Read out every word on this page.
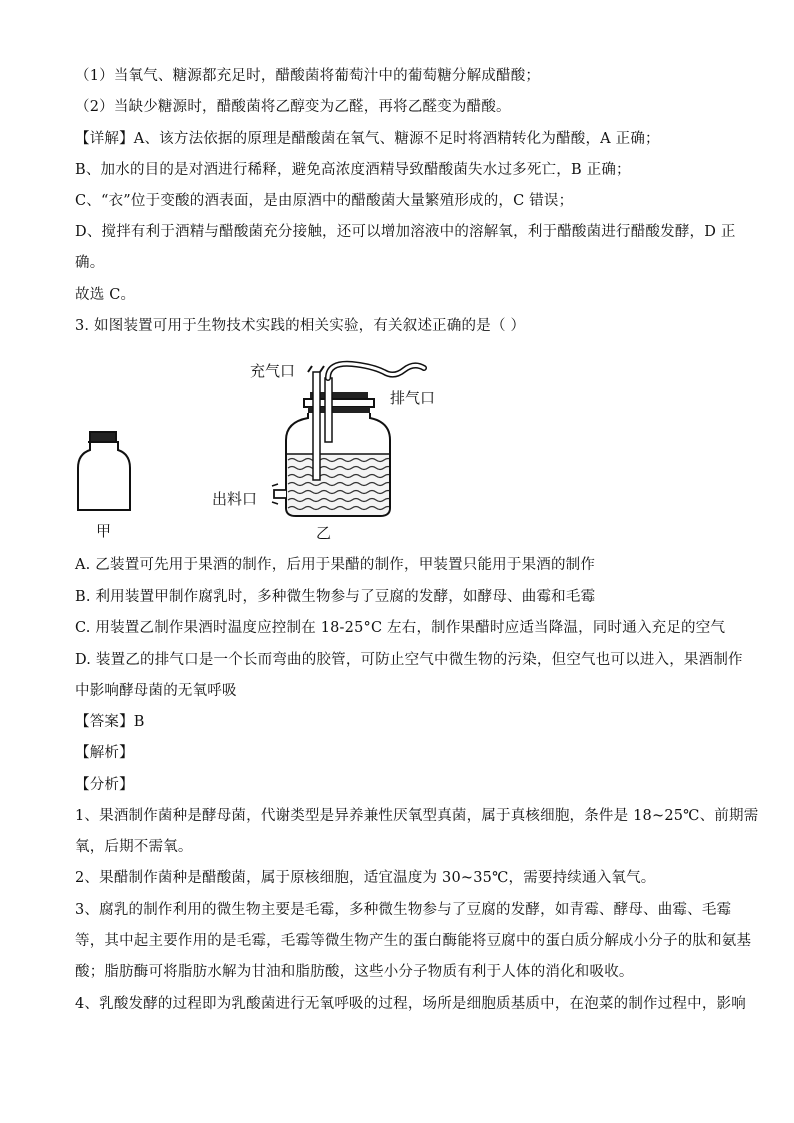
（1）当氧气、糖源都充足时，醋酸菌将葡萄汁中的葡萄糖分解成醋酸；
（2）当缺少糖源时，醋酸菌将乙醇变为乙醛，再将乙醛变为醋酸。
【详解】A、该方法依据的原理是醋酸菌在氧气、糖源不足时将酒精转化为醋酸，A 正确；
B、加水的目的是对酒进行稀释，避免高浓度酒精导致醋酸菌失水过多死亡，B 正确；
C、“衣”位于变酸的酒表面，是由原酒中的醋酸菌大量繁殖形成的，C 错误；
D、搅拌有利于酒精与醋酸菌充分接触，还可以增加溶液中的溶解氧，利于醋酸菌进行醋酸发酵，D 正
确。
故选 C。
3. 如图装置可用于生物技术实践的相关实验，有关叙述正确的是（ ）
甲
充气口
排气口
出料口
乙
A. 乙装置可先用于果酒的制作，后用于果醋的制作，甲装置只能用于果酒的制作
B. 利用装置甲制作腐乳时，多种微生物参与了豆腐的发酵，如酵母、曲霉和毛霉
C. 用装置乙制作果酒时温度应控制在 18-25°C 左右，制作果醋时应适当降温，同时通入充足的空气
D. 装置乙的排气口是一个长而弯曲的胶管，可防止空气中微生物的污染，但空气也可以进入，果酒制作
中影响酵母菌的无氧呼吸
【答案】B
【解析】
【分析】
1、果酒制作菌种是酵母菌，代谢类型是异养兼性厌氧型真菌，属于真核细胞，条件是 18~25℃、前期需
氧，后期不需氧。
2、果醋制作菌种是醋酸菌，属于原核细胞，适宜温度为 30~35℃，需要持续通入氧气。
3、腐乳的制作利用的微生物主要是毛霉，多种微生物参与了豆腐的发酵，如青霉、酵母、曲霉、毛霉
等，其中起主要作用的是毛霉，毛霉等微生物产生的蛋白酶能将豆腐中的蛋白质分解成小分子的肽和氨基
酸；脂肪酶可将脂肪水解为甘油和脂肪酸，这些小分子物质有利于人体的消化和吸收。
4、乳酸发酵的过程即为乳酸菌进行无氧呼吸的过程，场所是细胞质基质中，在泡菜的制作过程中，影响
